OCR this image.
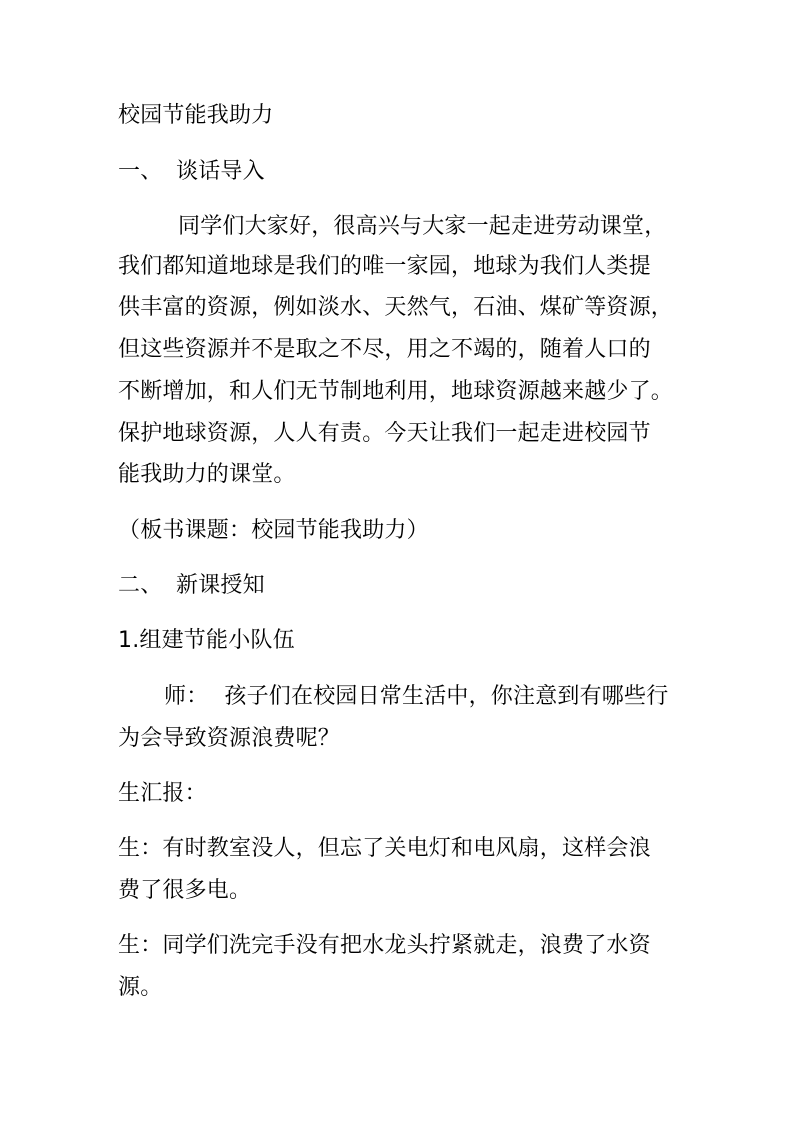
校园节能我助力
一、 谈话导入
同学们大家好，很高兴与大家一起走进劳动课堂，
我们都知道地球是我们的唯一家园，地球为我们人类提
供丰富的资源，例如淡水、天然气，石油、煤矿等资源，
但这些资源并不是取之不尽，用之不竭的，随着人口的
不断增加，和人们无节制地利用，地球资源越来越少了。
保护地球资源，人人有责。今天让我们一起走进校园节
能我助力的课堂。
（板书课题：校园节能我助力）
二、 新课授知
1.组建节能小队伍
师： 孩子们在校园日常生活中，你注意到有哪些行
为会导致资源浪费呢？
生汇报：
生：有时教室没人，但忘了关电灯和电风扇，这样会浪
费了很多电。
生：同学们洗完手没有把水龙头拧紧就走，浪费了水资
源。
